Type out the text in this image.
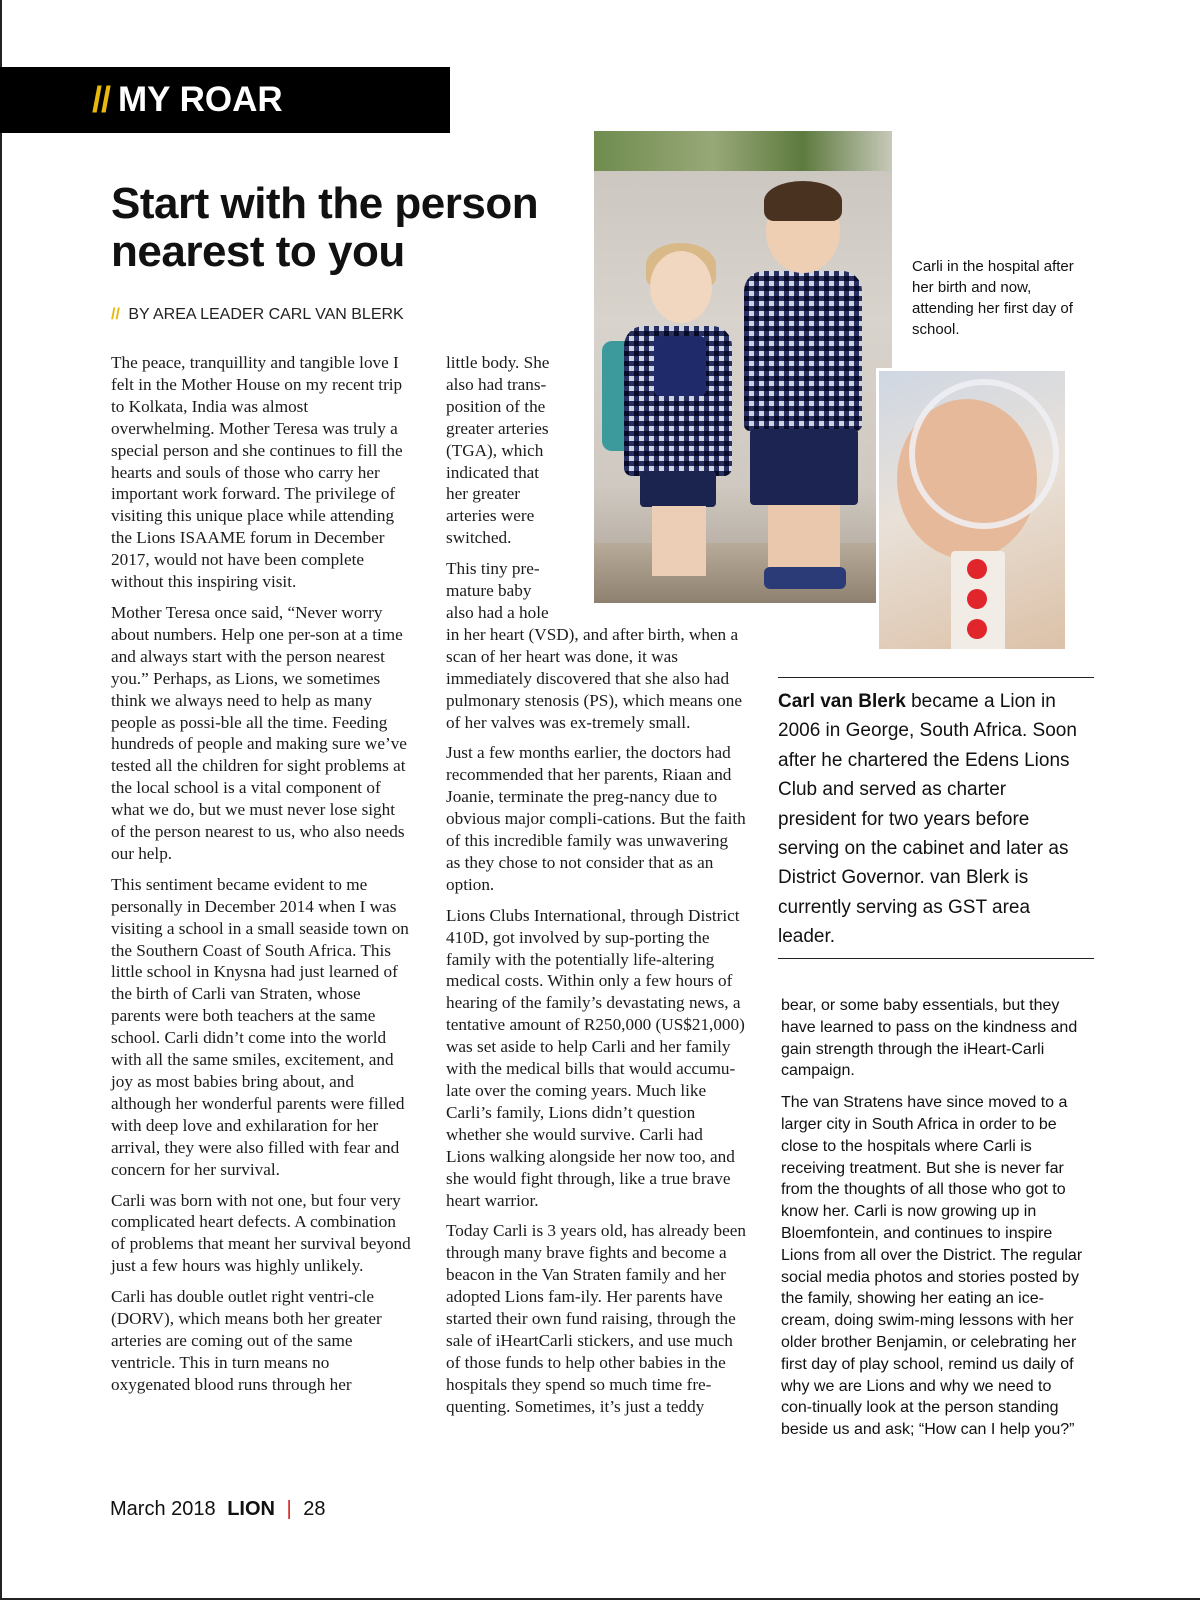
// MY ROAR
Start with the person nearest to you
// BY AREA LEADER CARL VAN BLERK

The peace, tranquillity and tangible love I felt in the Mother House on my recent trip to Kolkata, India was almost overwhelming. Mother Teresa was truly a special person and she continues to fill the hearts and souls of those who carry her important work forward. The privilege of visiting this unique place while attending the Lions ISAAME forum in December 2017, would not have been complete without this inspiring visit.

Mother Teresa once said, “Never worry about numbers. Help one per-son at a time and always start with the person nearest you.” Perhaps, as Lions, we sometimes think we always need to help as many people as possi-ble all the time. Feeding hundreds of people and making sure we’ve tested all the children for sight problems at the local school is a vital component of what we do, but we must never lose sight of the person nearest to us, who also needs our help.

This sentiment became evident to me personally in December 2014 when I was visiting a school in a small seaside town on the Southern Coast of South Africa. This little school in Knysna had just learned of the birth of Carli van Straten, whose parents were both teachers at the same school. Carli didn’t come into the world with all the same smiles, excitement, and joy as most babies bring about, and although her wonderful parents were filled with deep love and exhilaration for her arrival, they were also filled with fear and concern for her survival.

Carli was born with not one, but four very complicated heart defects. A combination of problems that meant her survival beyond just a few hours was highly unlikely.

Carli has double outlet right ventri-cle (DORV), which means both her greater arteries are coming out of the same ventricle. This in turn means no oxygenated blood runs through her

little body. She also had trans-position of the greater arteries (TGA), which indicated that her greater arteries were switched.

This tiny pre-mature baby also had a hole

in her heart (VSD), and after birth, when a scan of her heart was done, it was immediately discovered that she also had pulmonary stenosis (PS), which means one of her valves was ex-tremely small.

Just a few months earlier, the doctors had recommended that her parents, Riaan and Joanie, terminate the preg-nancy due to obvious major compli-cations. But the faith of this incredible family was unwavering as they chose to not consider that as an option.

Lions Clubs International, through District 410D, got involved by sup-porting the family with the potentially life-altering medical costs. Within only a few hours of hearing of the family’s devastating news, a tentative amount of R250,000 (US$21,000) was set aside to help Carli and her family with the medical bills that would accumu-late over the coming years. Much like Carli’s family, Lions didn’t question whether she would survive. Carli had Lions walking alongside her now too, and she would fight through, like a true brave heart warrior.

Today Carli is 3 years old, has already been through many brave fights and become a beacon in the Van Straten family and her adopted Lions fam-ily. Her parents have started their own fund raising, through the sale of iHeartCarli stickers, and use much of those funds to help other babies in the hospitals they spend so much time fre-quenting. Sometimes, it’s just a teddy

Carli in the hospital after her birth and now, attending her first day of school.
Carl van Blerk became a Lion in 2006 in George, South Africa. Soon after he chartered the Edens Lions Club and served as charter president for two years before serving on the cabinet and later as District Governor. van Blerk is currently serving as GST area leader.

bear, or some baby essentials, but they have learned to pass on the kindness and gain strength through the iHeart-Carli campaign.

The van Stratens have since moved to a larger city in South Africa in order to be close to the hospitals where Carli is receiving treatment. But she is never far from the thoughts of all those who got to know her. Carli is now growing up in Bloemfontein, and continues to inspire Lions from all over the District. The regular social media photos and stories posted by the family, showing her eating an ice-cream, doing swim-ming lessons with her older brother Benjamin, or celebrating her first day of play school, remind us daily of why we are Lions and why we need to con-tinually look at the person standing beside us and ask; “How can I help you?”

March 2018 LION | 28
